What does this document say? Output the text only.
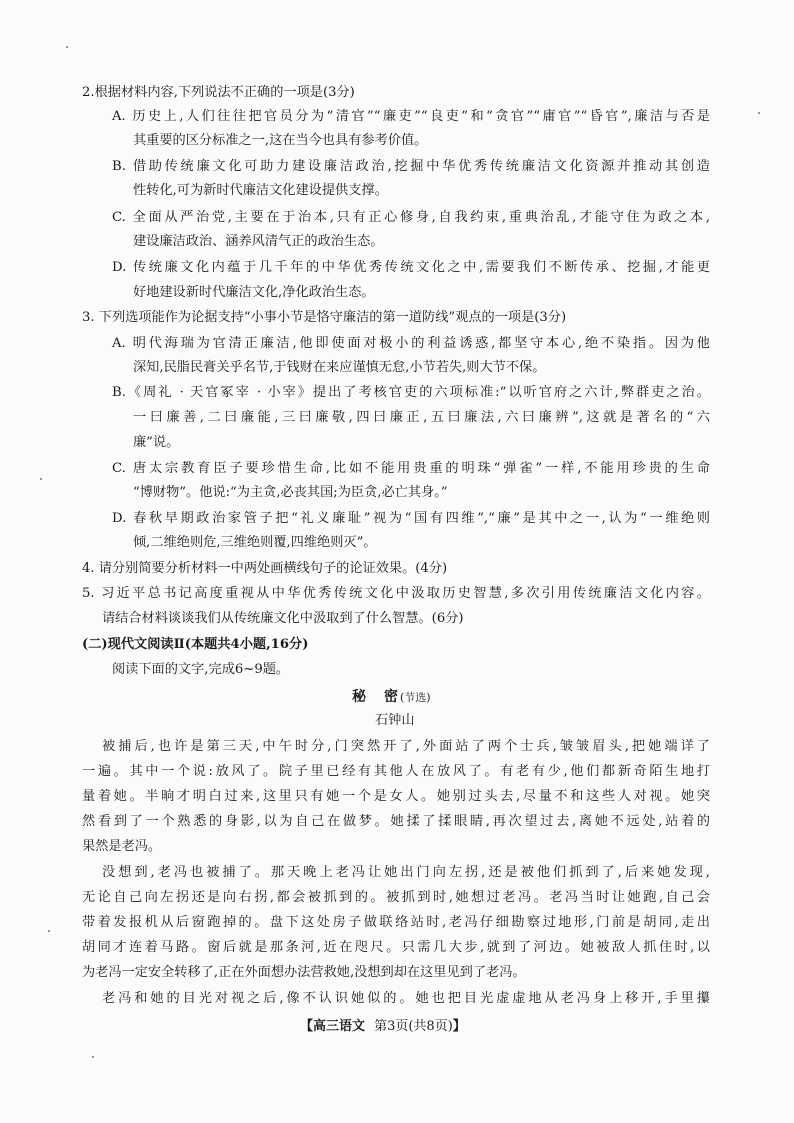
2.根据材料内容,下列说法不正确的一项是(3分)
A. 历史上,人们往往把官员分为“清官”“廉吏”“良吏”和“贪官”“庸官”“昏官”,廉洁与否是
其重要的区分标准之一,这在当今也具有参考价值。
B. 借助传统廉文化可助力建设廉洁政治,挖掘中华优秀传统廉洁文化资源并推动其创造
性转化,可为新时代廉洁文化建设提供支撑。
C. 全面从严治党,主要在于治本,只有正心修身,自我约束,重典治乱,才能守住为政之本,
建设廉洁政治、涵养风清气正的政治生态。
D. 传统廉文化内蕴于几千年的中华优秀传统文化之中,需要我们不断传承、挖掘,才能更
好地建设新时代廉洁文化,净化政治生态。
3. 下列选项能作为论据支持“小事小节是恪守廉洁的第一道防线”观点的一项是(3分)
A. 明代海瑞为官清正廉洁,他即使面对极小的利益诱惑,都坚守本心,绝不染指。因为他
深知,民脂民膏关乎名节,于钱财在来应谨慎无怠,小节若失,则大节不保。
B.《周礼 · 天官冢宰 · 小宰》提出了考核官吏的六项标准:“以听官府之六计,弊群吏之治。
一曰廉善,二曰廉能,三曰廉敬,四曰廉正,五曰廉法,六曰廉辨”,这就是著名的“六
廉”说。
C. 唐太宗教育臣子要珍惜生命,比如不能用贵重的明珠“弹雀”一样,不能用珍贵的生命
“博财物”。他说:“为主贪,必丧其国;为臣贪,必亡其身。”
D. 春秋早期政治家管子把“礼义廉耻”视为“国有四维”,“廉”是其中之一,认为“一维绝则
倾,二维绝则危,三维绝则覆,四维绝则灭”。
4. 请分别简要分析材料一中两处画横线句子的论证效果。(4分)
5. 习近平总书记高度重视从中华优秀传统文化中汲取历史智慧,多次引用传统廉洁文化内容。
请结合材料谈谈我们从传统廉文化中汲取到了什么智慧。(6分)
(二)现代文阅读Ⅱ(本题共4小题,16分)
阅读下面的文字,完成6~9题。
秘　密(节选)
石钟山
被捕后,也许是第三天,中午时分,门突然开了,外面站了两个士兵,皱皱眉头,把她端详了
一遍。其中一个说:放风了。院子里已经有其他人在放风了。有老有少,他们都新奇陌生地打
量着她。半晌才明白过来,这里只有她一个是女人。她别过头去,尽量不和这些人对视。她突
然看到了一个熟悉的身影,以为自己在做梦。她揉了揉眼睛,再次望过去,离她不远处,站着的
果然是老冯。
没想到,老冯也被捕了。那天晚上老冯让她出门向左拐,还是被他们抓到了,后来她发现,
无论自己向左拐还是向右拐,都会被抓到的。被抓到时,她想过老冯。老冯当时让她跑,自己会
带着发报机从后窗跑掉的。盘下这处房子做联络站时,老冯仔细勘察过地形,门前是胡同,走出
胡同才连着马路。窗后就是那条河,近在咫尺。只需几大步,就到了河边。她被敌人抓住时,以
为老冯一定安全转移了,正在外面想办法营救她,没想到却在这里见到了老冯。
老冯和她的目光对视之后,像不认识她似的。她也把目光虚虚地从老冯身上移开,手里攥
【高三语文 第3页(共8页)】
